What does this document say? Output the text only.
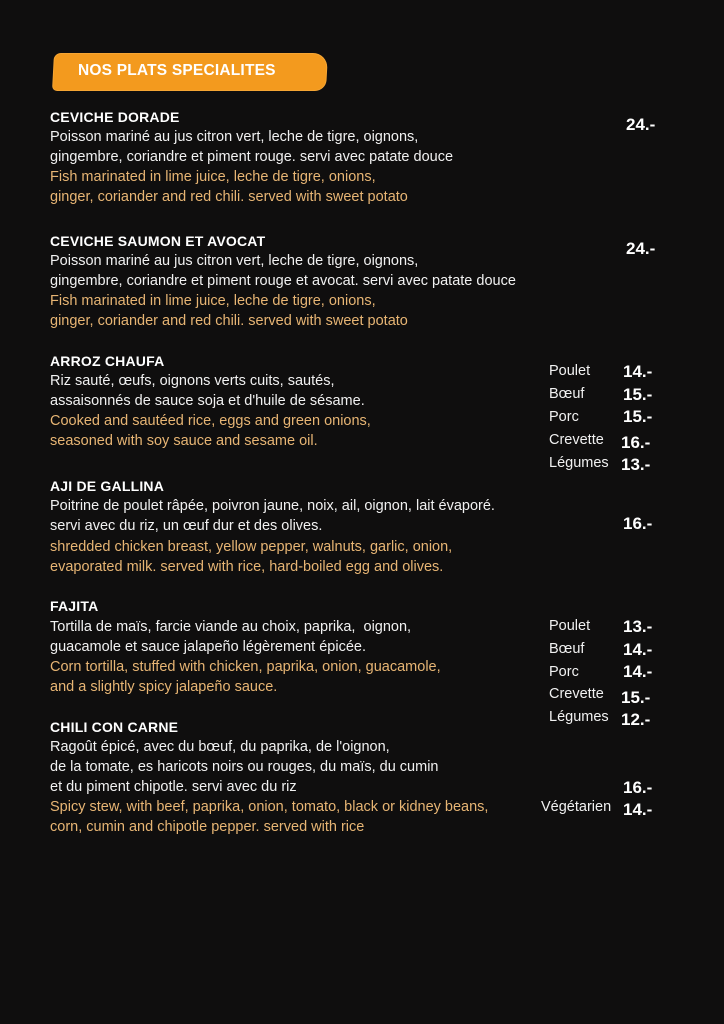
NOS PLATS SPECIALITES
CEVICHE DORADE
Poisson mariné au jus citron vert, leche de tigre, oignons,
gingembre, coriandre et piment rouge. servi avec patate douce
Fish marinated in lime juice, leche de tigre, onions,
ginger, coriander and red chili. served with sweet potato
24.-
CEVICHE SAUMON ET AVOCAT
Poisson mariné au jus citron vert, leche de tigre, oignons,
gingembre, coriandre et piment rouge et avocat. servi avec patate douce
Fish marinated in lime juice, leche de tigre, onions,
ginger, coriander and red chili. served with sweet potato
24.-
ARROZ CHAUFA
Riz sauté, œufs, oignons verts cuits, sautés,
assaisonnés de sauce soja et d'huile de sésame.
Cooked and sautéed rice, eggs and green onions,
seasoned with soy sauce and sesame oil.
Poulet 14.-
Bœuf 15.-
Porc	15.-
Crevette 16.-
Légumes 13.-
AJI DE GALLINA
Poitrine de poulet râpée, poivron jaune, noix, ail, oignon, lait évaporé.
servi avec du riz, un œuf dur et des olives.
shredded chicken breast, yellow pepper, walnuts, garlic, onion,
evaporated milk. served with rice, hard-boiled egg and olives.
16.-
FAJITA
Tortilla de maïs, farcie viande au choix, paprika,  oignon,
guacamole et sauce jalapeño légèrement épicée.
Corn tortilla, stuffed with chicken, paprika, onion, guacamole,
and a slightly spicy jalapeño sauce.
Poulet 13.-
Bœuf 14.-
Porc	14.-
Crevette 15.-
Légumes 12.-
CHILI CON CARNE
Ragoût épicé, avec du bœuf, du paprika, de l'oignon,
de la tomate, es haricots noirs ou rouges, du maïs, du cumin
et du piment chipotle. servi avec du riz
Spicy stew, with beef, paprika, onion, tomato, black or kidney beans,
corn, cumin and chipotle pepper. served with rice
16.-
Végétarien 14.-
